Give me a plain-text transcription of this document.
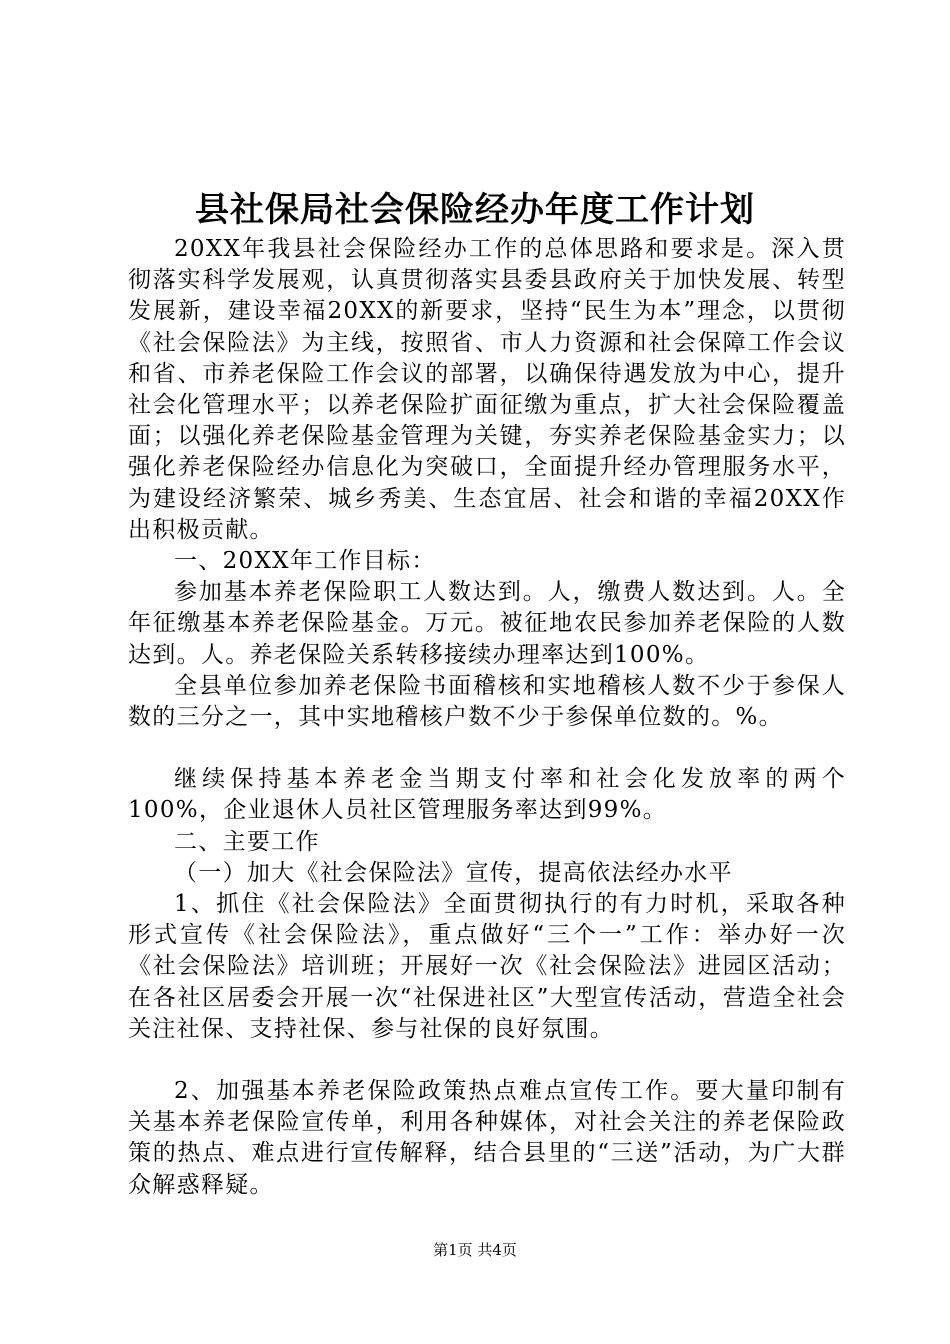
县社保局社会保险经办年度工作计划

20XX年我县社会保险经办工作的总体思路和要求是。深入贯彻落实科学发展观，认真贯彻落实县委县政府关于加快发展、转型发展新，建设幸福20XX的新要求，坚持“民生为本”理念，以贯彻《社会保险法》为主线，按照省、市人力资源和社会保障工作会议和省、市养老保险工作会议的部署，以确保待遇发放为中心，提升社会化管理水平；以养老保险扩面征缴为重点，扩大社会保险覆盖面；以强化养老保险基金管理为关键，夯实养老保险基金实力；以强化养老保险经办信息化为突破口，全面提升经办管理服务水平，为建设经济繁荣、城乡秀美、生态宜居、社会和谐的幸福20XX作出积极贡献。

一、20XX年工作目标：

参加基本养老保险职工人数达到。人，缴费人数达到。人。全年征缴基本养老保险基金。万元。被征地农民参加养老保险的人数达到。人。养老保险关系转移接续办理率达到100%。

全县单位参加养老保险书面稽核和实地稽核人数不少于参保人数的三分之一，其中实地稽核户数不少于参保单位数的。%。

继续保持基本养老金当期支付率和社会化发放率的两个100%，企业退休人员社区管理服务率达到99%。

二、主要工作

（一）加大《社会保险法》宣传，提高依法经办水平

1、抓住《社会保险法》全面贯彻执行的有力时机，采取各种形式宣传《社会保险法》，重点做好“三个一”工作：举办好一次《社会保险法》培训班；开展好一次《社会保险法》进园区活动；在各社区居委会开展一次“社保进社区”大型宣传活动，营造全社会关注社保、支持社保、参与社保的良好氛围。

2、加强基本养老保险政策热点难点宣传工作。要大量印制有关基本养老保险宣传单，利用各种媒体，对社会关注的养老保险政策的热点、难点进行宣传解释，结合县里的“三送”活动，为广大群众解惑释疑。

第1页 共4页
